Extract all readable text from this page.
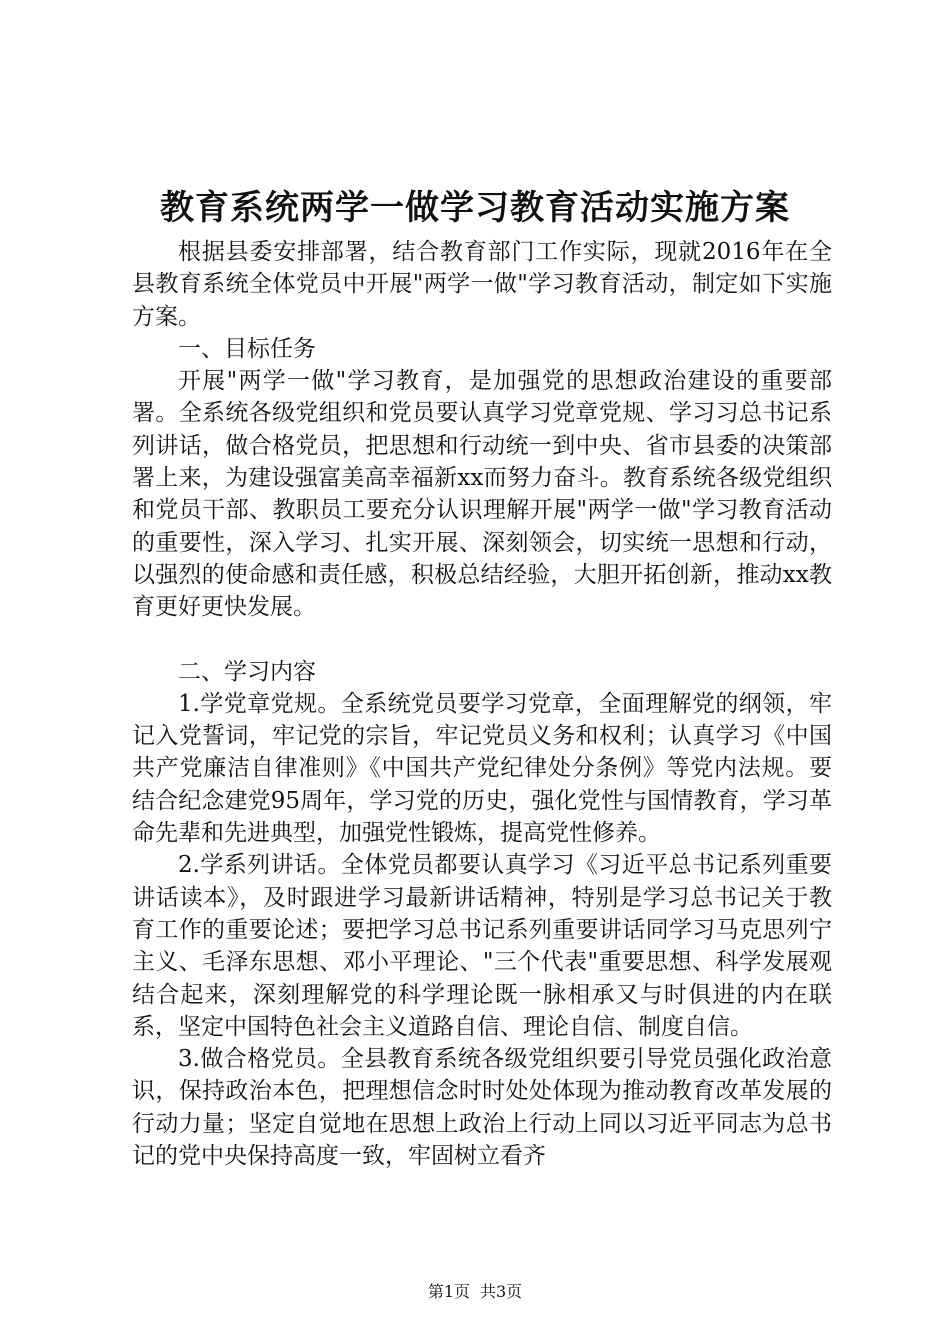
教育系统两学一做学习教育活动实施方案

根据县委安排部署，结合教育部门工作实际，现就2016年在全县教育系统全体党员中开展"两学一做"学习教育活动，制定如下实施方案。

一、目标任务

开展"两学一做"学习教育，是加强党的思想政治建设的重要部署。全系统各级党组织和党员要认真学习党章党规、学习习总书记系列讲话，做合格党员，把思想和行动统一到中央、省市县委的决策部署上来，为建设强富美高幸福新xx而努力奋斗。教育系统各级党组织和党员干部、教职员工要充分认识理解开展"两学一做"学习教育活动的重要性，深入学习、扎实开展、深刻领会，切实统一思想和行动，以强烈的使命感和责任感，积极总结经验，大胆开拓创新，推动xx教育更好更快发展。

二、学习内容

1.学党章党规。全系统党员要学习党章，全面理解党的纲领，牢记入党誓词，牢记党的宗旨，牢记党员义务和权利；认真学习《中国共产党廉洁自律准则》《中国共产党纪律处分条例》等党内法规。要结合纪念建党95周年，学习党的历史，强化党性与国情教育，学习革命先辈和先进典型，加强党性锻炼，提高党性修养。

2.学系列讲话。全体党员都要认真学习《习近平总书记系列重要讲话读本》，及时跟进学习最新讲话精神，特别是学习总书记关于教育工作的重要论述；要把学习总书记系列重要讲话同学习马克思列宁主义、毛泽东思想、邓小平理论、"三个代表"重要思想、科学发展观结合起来，深刻理解党的科学理论既一脉相承又与时俱进的内在联系，坚定中国特色社会主义道路自信、理论自信、制度自信。

3.做合格党员。全县教育系统各级党组织要引导党员强化政治意识，保持政治本色，把理想信念时时处处体现为推动教育改革发展的行动力量；坚定自觉地在思想上政治上行动上同以习近平同志为总书记的党中央保持高度一致，牢固树立看齐

第1页 共3页
